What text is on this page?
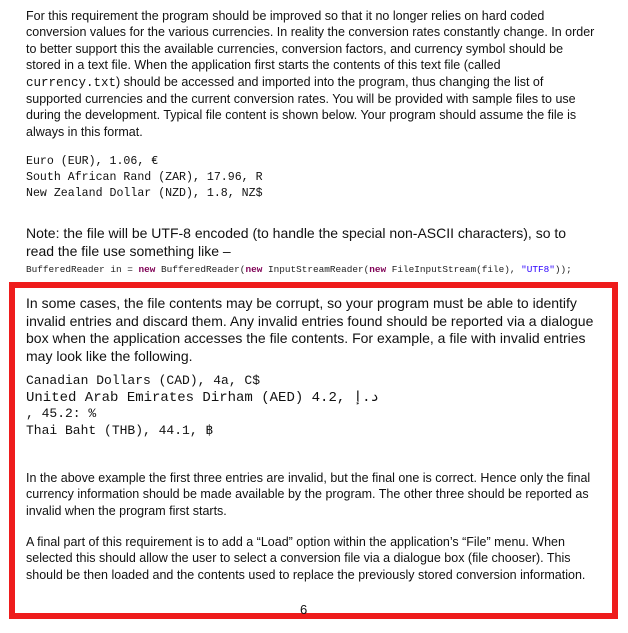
For this requirement the program should be improved so that it no longer relies on hard coded conversion values for the various currencies. In reality the conversion rates constantly change. In order to better support this the available currencies, conversion factors, and currency symbol should be stored in a text file. When the application first starts the contents of this text file (called currency.txt) should be accessed and imported into the program, thus changing the list of supported currencies and the current conversion rates. You will be provided with sample files to use during the development. Typical file content is shown below. Your program should assume the file is always in this format.

Euro (EUR), 1.06, €
South African Rand (ZAR), 17.96, R
New Zealand Dollar (NZD), 1.8, NZ$

Note: the file will be UTF-8 encoded (to handle the special non-ASCII characters), so to read the file use something like –

BufferedReader in = new BufferedReader(new InputStreamReader(new FileInputStream(file), "UTF8"));

In some cases, the file contents may be corrupt, so your program must be able to identify invalid entries and discard them. Any invalid entries found should be reported via a dialogue box when the application accesses the file contents. For example, a file with invalid entries may look like the following.

Canadian Dollars (CAD), 4a, C$
United Arab Emirates Dirham (AED) 4.2, د.إ
, 45.2: %
Thai Baht (THB), 44.1, ฿

In the above example the first three entries are invalid, but the final one is correct. Hence only the final currency information should be made available by the program. The other three should be reported as invalid when the program first starts.

A final part of this requirement is to add a “Load” option within the application’s “File” menu. When selected this should allow the user to select a conversion file via a dialogue box (file chooser). This should be then loaded and the contents used to replace the previously stored conversion information.

6
